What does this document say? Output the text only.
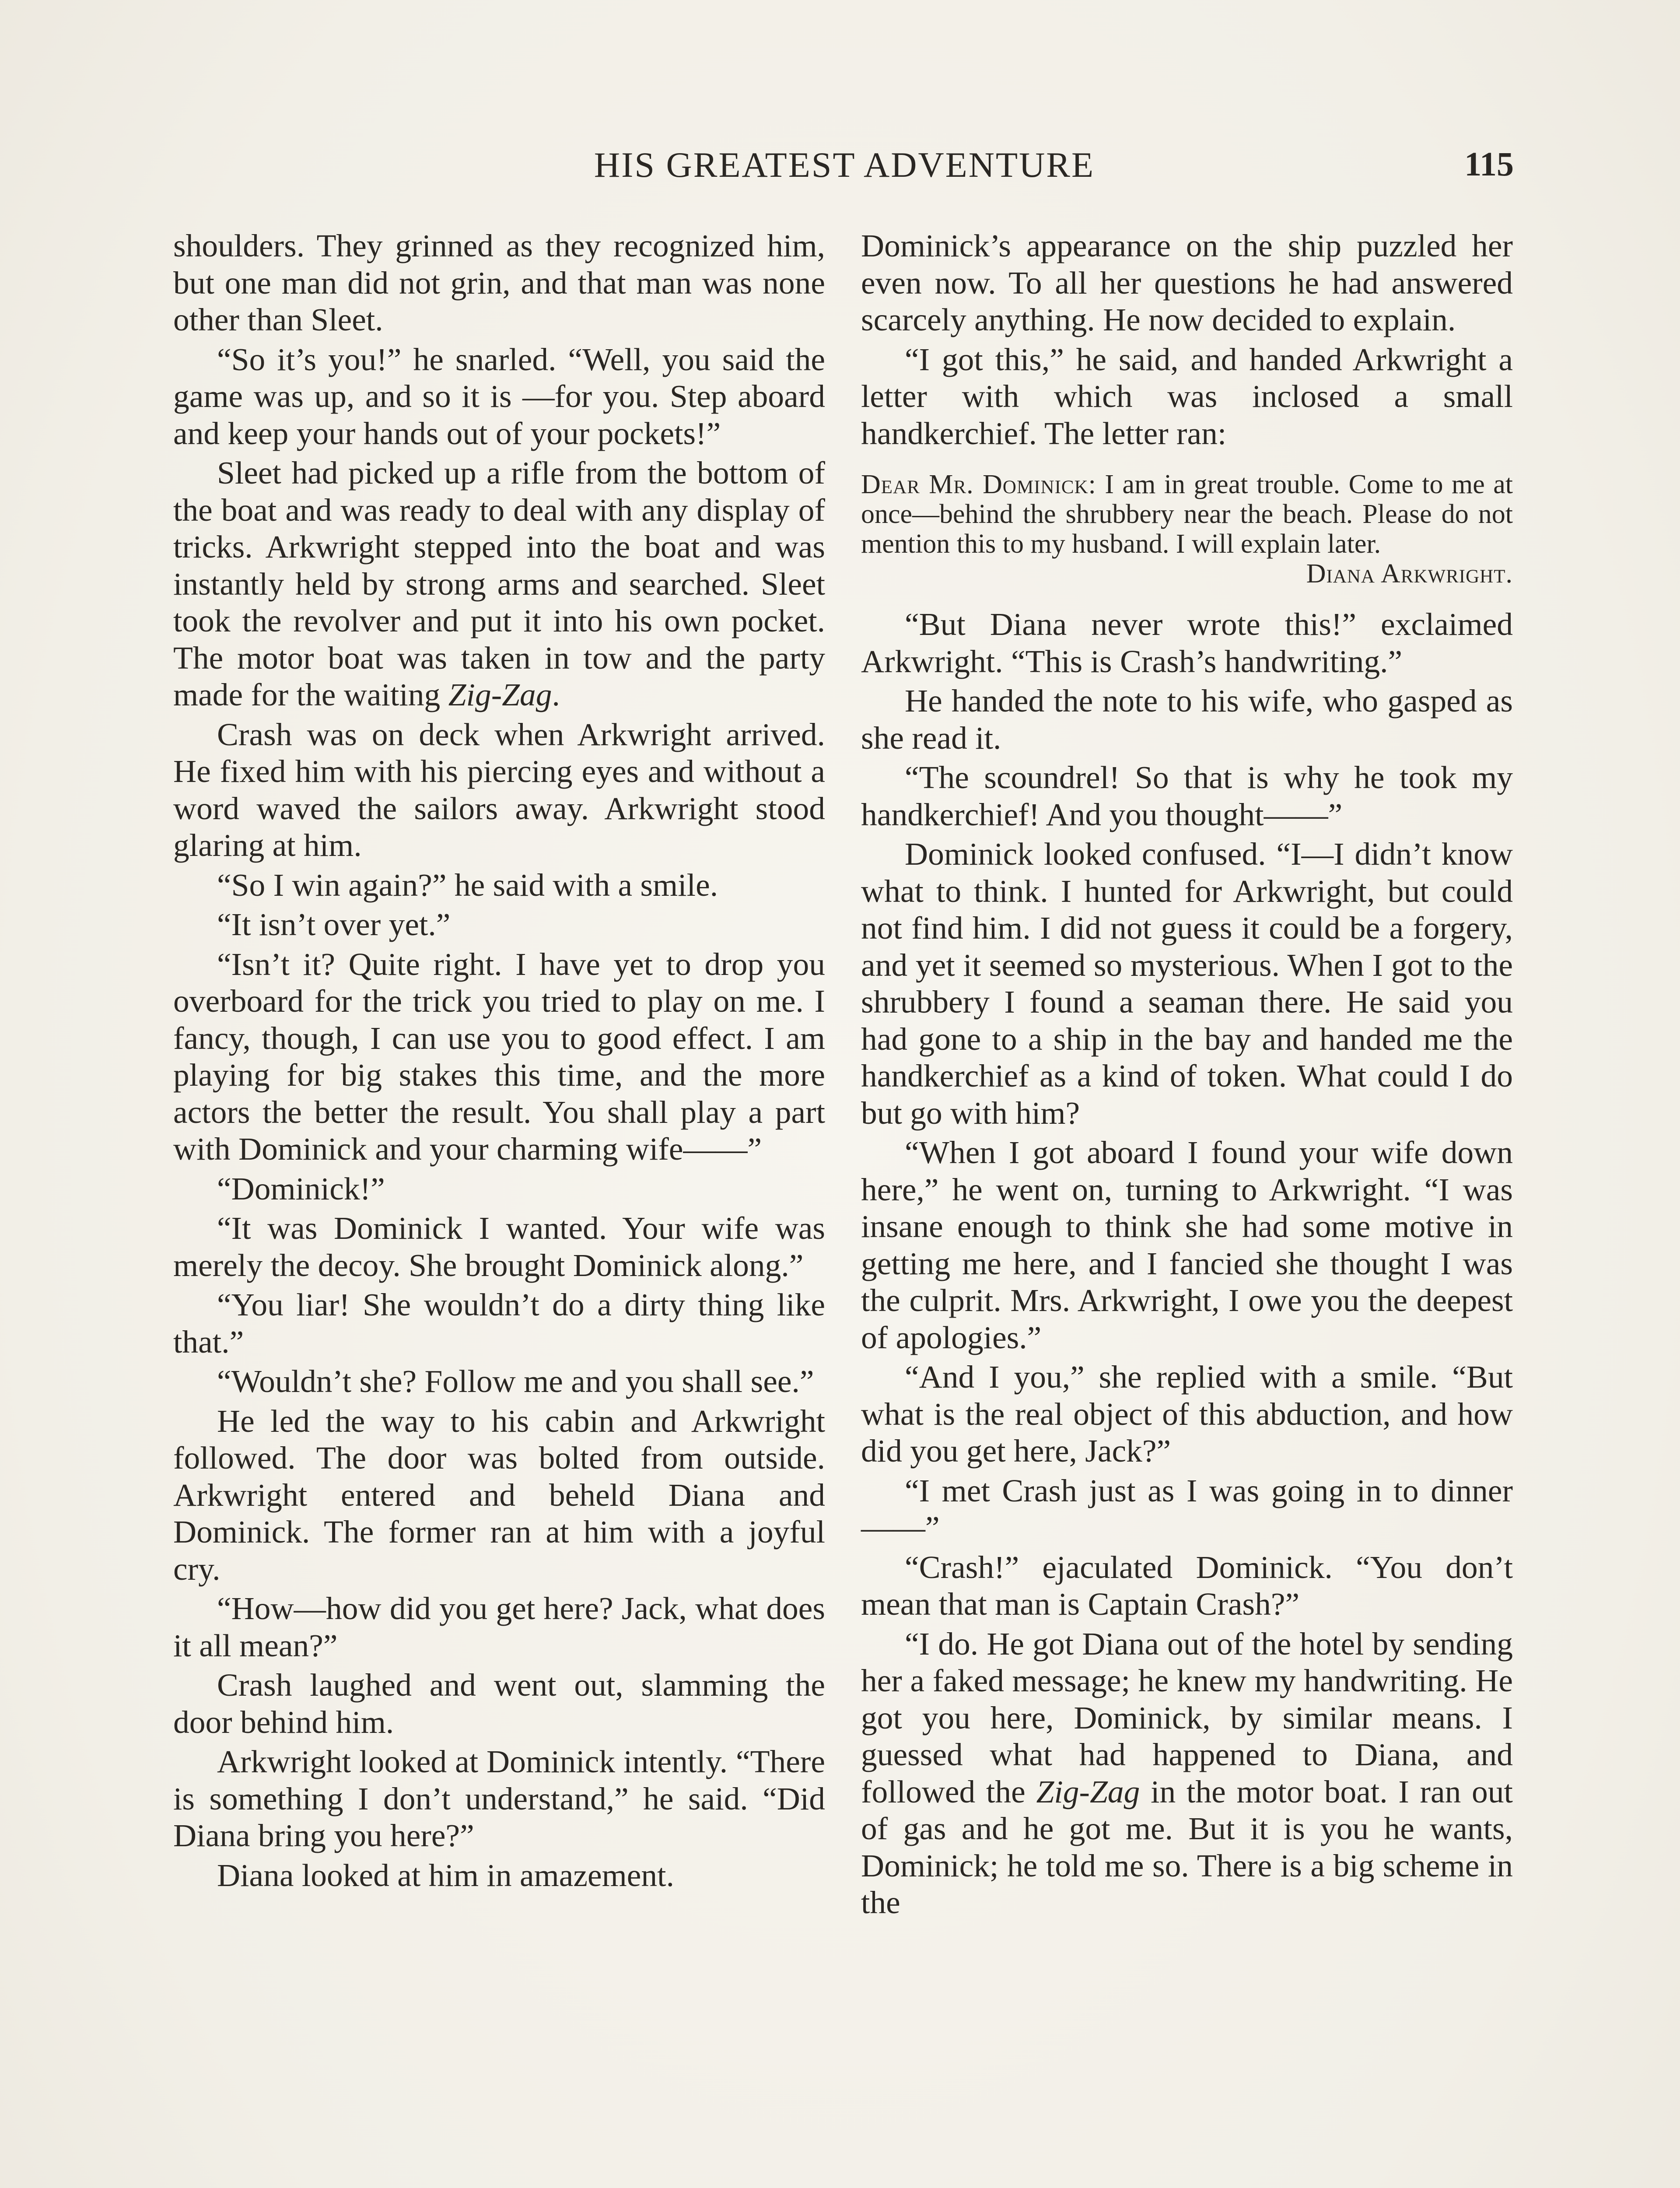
HIS GREATEST ADVENTURE	115

shoulders. They grinned as they recognized him, but one man did not grin, and that man was none other than Sleet.

“So it’s you!” he snarled. “Well, you said the game was up, and so it is —for you. Step aboard and keep your hands out of your pockets!”

Sleet had picked up a rifle from the bottom of the boat and was ready to deal with any display of tricks. Arkwright stepped into the boat and was instantly held by strong arms and searched. Sleet took the revolver and put it into his own pocket. The motor boat was taken in tow and the party made for the waiting Zig-Zag.

Crash was on deck when Arkwright arrived. He fixed him with his piercing eyes and without a word waved the sailors away. Arkwright stood glaring at him.

“So I win again?” he said with a smile.

“It isn’t over yet.”

“Isn’t it? Quite right. I have yet to drop you overboard for the trick you tried to play on me. I fancy, though, I can use you to good effect. I am playing for big stakes this time, and the more actors the better the result. You shall play a part with Dominick and your charming wife——”

“Dominick!”

“It was Dominick I wanted. Your wife was merely the decoy. She brought Dominick along.”

“You liar! She wouldn’t do a dirty thing like that.”

“Wouldn’t she? Follow me and you shall see.”

He led the way to his cabin and Arkwright followed. The door was bolted from outside. Arkwright entered and beheld Diana and Dominick. The former ran at him with a joyful cry.

“How—how did you get here? Jack, what does it all mean?”

Crash laughed and went out, slamming the door behind him.

Arkwright looked at Dominick intently. “There is something I don’t understand,” he said. “Did Diana bring you here?”

Diana looked at him in amazement.

Dominick’s appearance on the ship puzzled her even now. To all her questions he had answered scarcely anything. He now decided to explain.

“I got this,” he said, and handed Arkwright a letter with which was inclosed a small handkerchief. The letter ran:

Dear Mr. Dominick: I am in great trouble. Come to me at once—behind the shrubbery near the beach. Please do not mention this to my husband. I will explain later.
Diana Arkwright.

“But Diana never wrote this!” exclaimed Arkwright. “This is Crash’s handwriting.”

He handed the note to his wife, who gasped as she read it.

“The scoundrel! So that is why he took my handkerchief! And you thought——”

Dominick looked confused. “I—I didn’t know what to think. I hunted for Arkwright, but could not find him. I did not guess it could be a forgery, and yet it seemed so mysterious. When I got to the shrubbery I found a seaman there. He said you had gone to a ship in the bay and handed me the handkerchief as a kind of token. What could I do but go with him?

“When I got aboard I found your wife down here,” he went on, turning to Arkwright. “I was insane enough to think she had some motive in getting me here, and I fancied she thought I was the culprit. Mrs. Arkwright, I owe you the deepest of apologies.”

“And I you,” she replied with a smile. “But what is the real object of this abduction, and how did you get here, Jack?”

“I met Crash just as I was going in to dinner——”

“Crash!” ejaculated Dominick. “You don’t mean that man is Captain Crash?”

“I do. He got Diana out of the hotel by sending her a faked message; he knew my handwriting. He got you here, Dominick, by similar means. I guessed what had happened to Diana, and followed the Zig-Zag in the motor boat. I ran out of gas and he got me. But it is you he wants, Dominick; he told me so. There is a big scheme in the
